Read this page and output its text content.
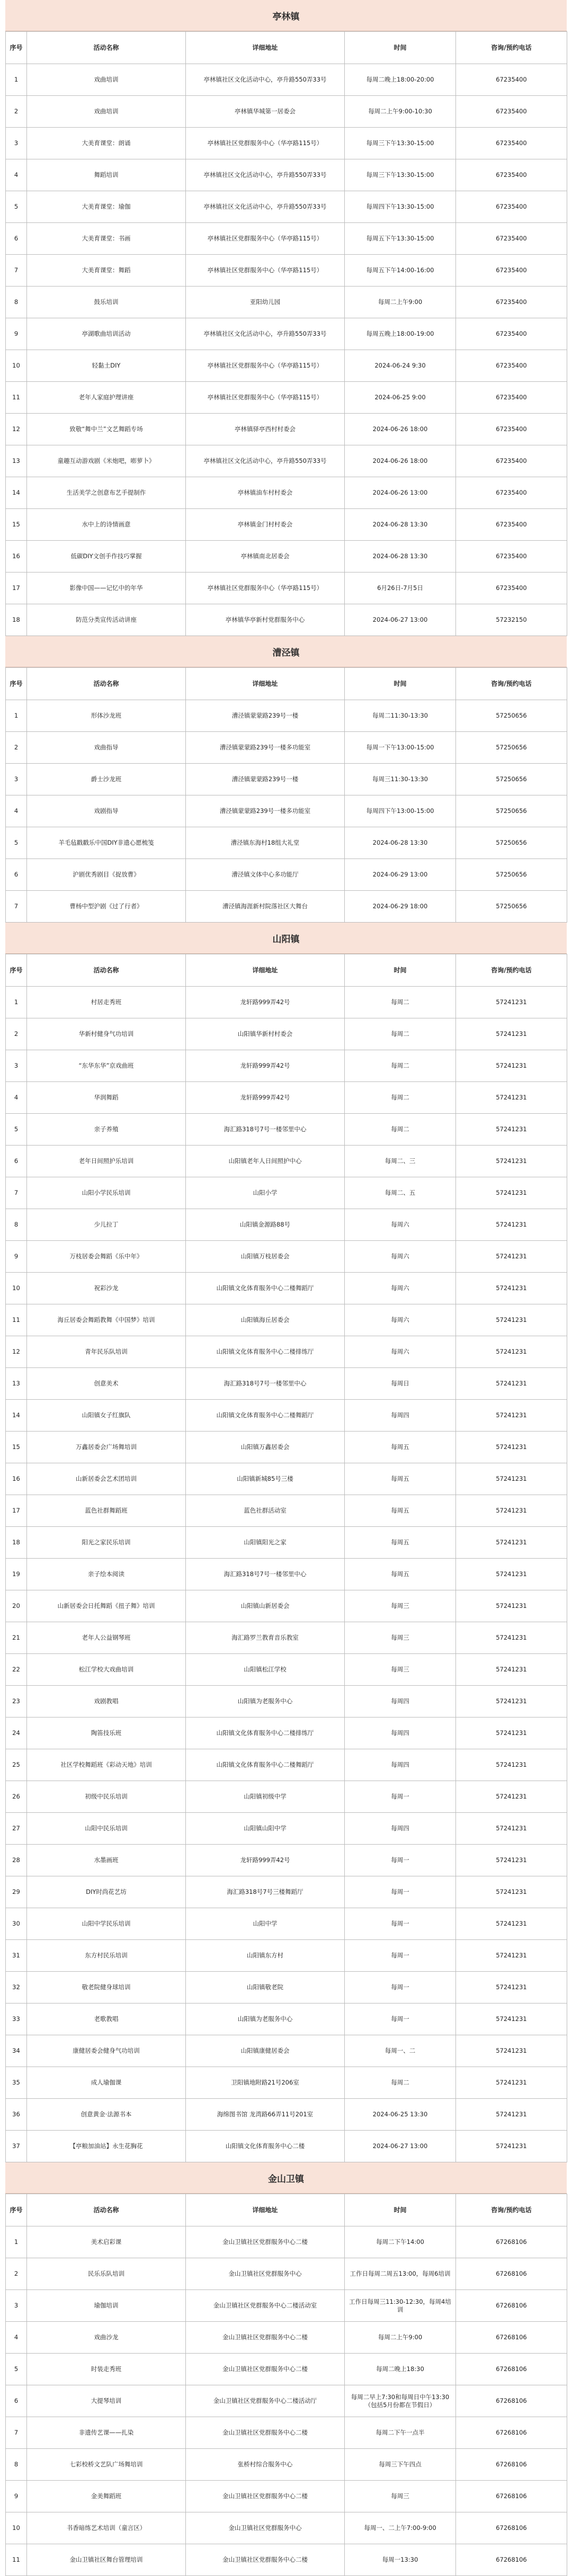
亭林镇
序号	活动名称	详细地址	时间	咨询/预约电话
1	戏曲培训	亭林镇社区文化活动中心，亭升路550弄33号	每周二晚上18:00-20:00	67235400
2	戏曲培训	亭林镇华城第一居委会	每周二上午9:00-10:30	67235400
3	大美育课堂：朗诵	亭林镇社区党群服务中心（华亭路115号）	每周三下午13:30-15:00	67235400
4	舞蹈培训	亭林镇社区文化活动中心，亭升路550弄33号	每周三下午13:30-15:00	67235400
5	大美育课堂：瑜伽	亭林镇社区文化活动中心，亭升路550弄33号	每周四下午13:30-15:00	67235400
6	大美育课堂：书画	亭林镇社区党群服务中心（华亭路115号）	每周五下午13:30-15:00	67235400
7	大美育课堂：舞蹈	亭林镇社区党群服务中心（华亭路115号）	每周五下午14:00-16:00	67235400
8	鼓乐培训	亚阳幼儿园	每周二上午9:00	67235400
9	亭湖歌曲培训活动	亭林镇社区文化活动中心，亭升路550弄33号	每周五晚上18:00-19:00	67235400
10	轻黏土DIY	亭林镇社区党群服务中心（华亭路115号）	2024-06-24 9:30	67235400
11	老年人家庭护理讲座	亭林镇社区党群服务中心（华亭路115号）	2024-06-25 9:00	67235400
12	致敬“舞中兰”文艺舞蹈专场	亭林镇驿亭西村村委会	2024-06-26 18:00	67235400
13	童趣互动游戏剧《米炮吧，嘭萝卜》	亭林镇社区文化活动中心，亭升路550弄33号	2024-06-26 18:00	67235400
14	生活美学之创意布艺手提制作	亭林镇油车村村委会	2024-06-26 13:00	67235400
15	水中上的诗情画意	亭林镇金门村村委会	2024-06-28 13:30	67235400
16	低碳DIY文创手作技巧掌握	亭林镇南北居委会	2024-06-28 13:30	67235400
17	影像中国——记忆中的年华	亭林镇社区党群服务中心（华亭路115号）	6月26日-7月5日	67235400
18	防范分类宣传活动讲座	亭林镇华亭新村党群服务中心	2024-06-27 13:00	57232150
漕泾镇
序号	活动名称	详细地址	时间	咨询/预约电话
1	形体沙龙班	漕泾镇蒙蒙路239号一楼	每周二11:30-13:30	57250656
2	戏曲指导	漕泾镇蒙蒙路239号一楼多功能室	每周一下午13:00-15:00	57250656
3	爵士沙龙班	漕泾镇蒙蒙路239号一楼	每周三11:30-13:30	57250656
4	戏剧指导	漕泾镇蒙蒙路239号一楼多功能室	每周四下午13:00-15:00	57250656
5	羊毛毡戳戳乐中国DIY非遗心愿梳笺	漕泾镇东海村18组大礼堂	2024-06-28 13:30	57250656
6	沪剧优秀剧目《捉放曹》	漕泾镇文体中心多功能厅	2024-06-29 13:00	57250656
7	曹杨中型沪剧《过了行者》	漕泾镇海涯新村院落社区大舞台	2024-06-29 18:00	57250656
山阳镇
序号	活动名称	详细地址	时间	咨询/预约电话
1	村居走秀班	龙轩路999弄42号	每周二	57241231
2	华新村健身气功培训	山阳镇华新村村委会	每周二	57241231
3	“东华东华”京戏曲班	龙轩路999弄42号	每周二	57241231
4	华润舞蹈	龙轩路999弄42号	每周二	57241231
5	亲子养殖	海汇路318号7号一楼邻里中心	每周二	57241231
6	老年日间照护乐培训	山阳镇老年人日间照护中心	每周二、三	57241231
7	山阳小学民乐培训	山阳小学	每周二、五	57241231
8	少儿拉丁	山阳镇金源路88号	每周六	57241231
9	万枝居委会舞蹈《乐中年》	山阳镇万枝居委会	每周六	57241231
10	祝彩沙龙	山阳镇文化体育服务中心二楼舞蹈厅	每周六	57241231
11	海丘居委会舞蹈教舞《中国梦》培训	山阳镇海丘居委会	每周六	57241231
12	青年民乐队培训	山阳镇文化体育服务中心二楼排练厅	每周六	57241231
13	创意美术	海汇路318号7号一楼邻里中心	每周日	57241231
14	山阳镇女子红旗队	山阳镇文化体育服务中心二楼舞蹈厅	每周四	57241231
15	万鑫居委会广场舞培训	山阳镇万鑫居委会	每周五	57241231
16	山新居委会艺术团培训	山阳镇新城85号三楼	每周五	57241231
17	蓝色社群舞蹈班	蓝色社群活动室	每周五	57241231
18	阳光之家民乐培训	山阳镇阳光之家	每周五	57241231
19	亲子绘本阅读	海汇路318号7号一楼邻里中心	每周五	57241231
20	山新居委会日托舞蹈《扭子舞》培训	山阳镇山新居委会	每周三	57241231
21	老年人公益钢琴班	海汇路罗兰教育音乐教室	每周三	57241231
22	松江学校大戏曲培训	山阳镇松江学校	每周三	57241231
23	戏剧教唱	山阳镇为老服务中心	每周四	57241231
24	陶笛技乐班	山阳镇文化体育服务中心二楼排练厅	每周四	57241231
25	社区学校舞蹈班《彩动天地》培训	山阳镇文化体育服务中心二楼舞蹈厅	每周四	57241231
26	初级中民乐培训	山阳镇初级中学	每周一	57241231
27	山阳中民乐培训	山阳镇山阳中学	每周四	57241231
28	水墨画班	龙轩路999弄42号	每周一	57241231
29	DIY时尚花艺坊	海汇路318号7号三楼舞蹈厅	每周一	57241231
30	山阳中学民乐培训	山阳中学	每周一	57241231
31	东方村民乐培训	山阳镇东方村	每周一	57241231
32	敬老院健身球培训	山阳镇敬老院	每周一	57241231
33	老歌教唱	山阳镇为老服务中心	每周一	57241231
34	康健居委会健身气功培训	山阳镇康健居委会	每周一、二	57241231
35	成人瑜伽课	卫阳镇地附路21号206室	每周二	57241231
36	创意黄金·法源书本	海绵图书馆 龙湾路66弄11号201室	2024-06-25 13:30	57241231
37	【亭粮加油站】永生花胸花	山阳镇文化体育服务中心二楼	2024-06-27 13:00	57241231
金山卫镇
序号	活动名称	详细地址	时间	咨询/预约电话
1	美术启彩课	金山卫镇社区党群服务中心二楼	每周二下午14:00	67268106
2	民乐乐队培训	金山卫镇社区党群服务中心	工作日每周二周五13:00，每周6培训	67268106
3	瑜伽培训	金山卫镇社区党群服务中心二楼活动室	工作日每周三11:30-12:30，每周4培训	67268106
4	戏曲沙龙	金山卫镇社区党群服务中心二楼	每周二上午9:00	67268106
5	时装走秀班	金山卫镇社区党群服务中心二楼	每周二晚上18:30	67268106
6	大提琴培训	金山卫镇社区党群服务中心二楼活动厅	每周二早上7:30和每周日中午13:30（包括5月份都在节假日）	67268106
7	非遗传艺课——扎染	金山卫镇社区党群服务中心二楼	每周二下午一点半	67268106
8	七彩校桥文艺队广场舞培训	张桥村综合服务中心	每周三下午四点	67268106
9	金美舞蹈班	金山卫镇社区党群服务中心二楼	每周三	67268106
10	书香暗练艺术培训（童言区）	金山卫镇社区党群服务中心	每周一、二上午7:00-9:00	67268106
11	金山卫镇社区舞台管理培训	金山卫镇社区党群服务中心二楼	每周一13:30	67268106
